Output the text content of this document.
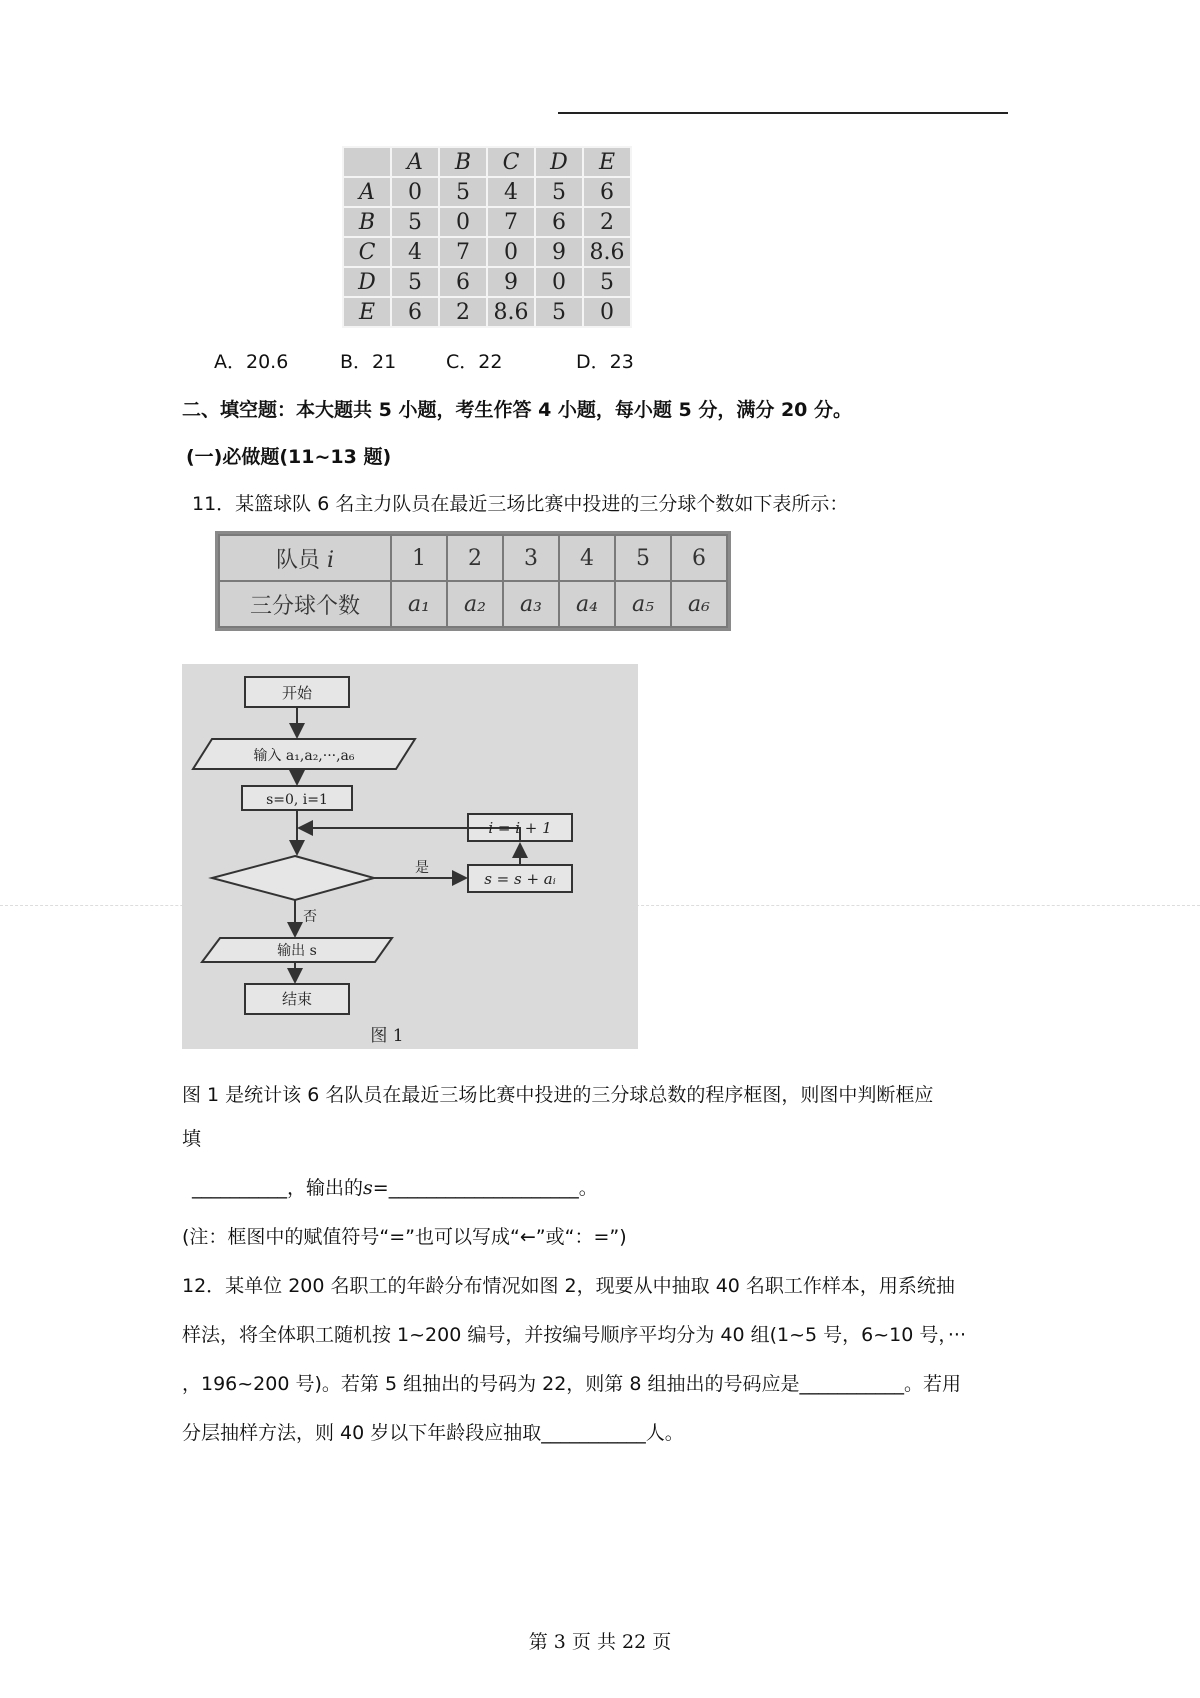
	A	B	C	D	E
A	0	5	4	5	6
B	5	0	7	6	2
C	4	7	0	9	8.6
D	5	6	9	0	5
E	6	2	8.6	5	0
A．20.6	B．21	C．22	D．23
二、填空题：本大题共 5 小题，考生作答 4 小题，每小题 5 分，满分 20 分。
(一)必做题(11~13 题)
11．某篮球队 6 名主力队员在最近三场比赛中投进的三分球个数如下表所示：
队员 i	1	2	3	4	5	6
三分球个数	a₁	a₂	a₃	a₄	a₅	a₆
开始
输入 a₁,a₂,···,a₆
s=0, i=1
i = i + 1
s = s + aᵢ
是
否
输出 s
结束
图 1
图 1 是统计该 6 名队员在最近三场比赛中投进的三分球总数的程序框图，则图中判断框应
填
__________，输出的s=____________________。
(注：框图中的赋值符号“=”也可以写成“←”或“：=”)
12．某单位 200 名职工的年龄分布情况如图 2，现要从中抽取 40 名职工作样本，用系统抽
样法，将全体职工随机按 1~200 编号，并按编号顺序平均分为 40 组(1~5 号，6~10 号，···
，196~200 号)。若第 5 组抽出的号码为 22，则第 8 组抽出的号码应是___________。若用
分层抽样方法，则 40 岁以下年龄段应抽取___________人。
第 3 页 共 22 页
